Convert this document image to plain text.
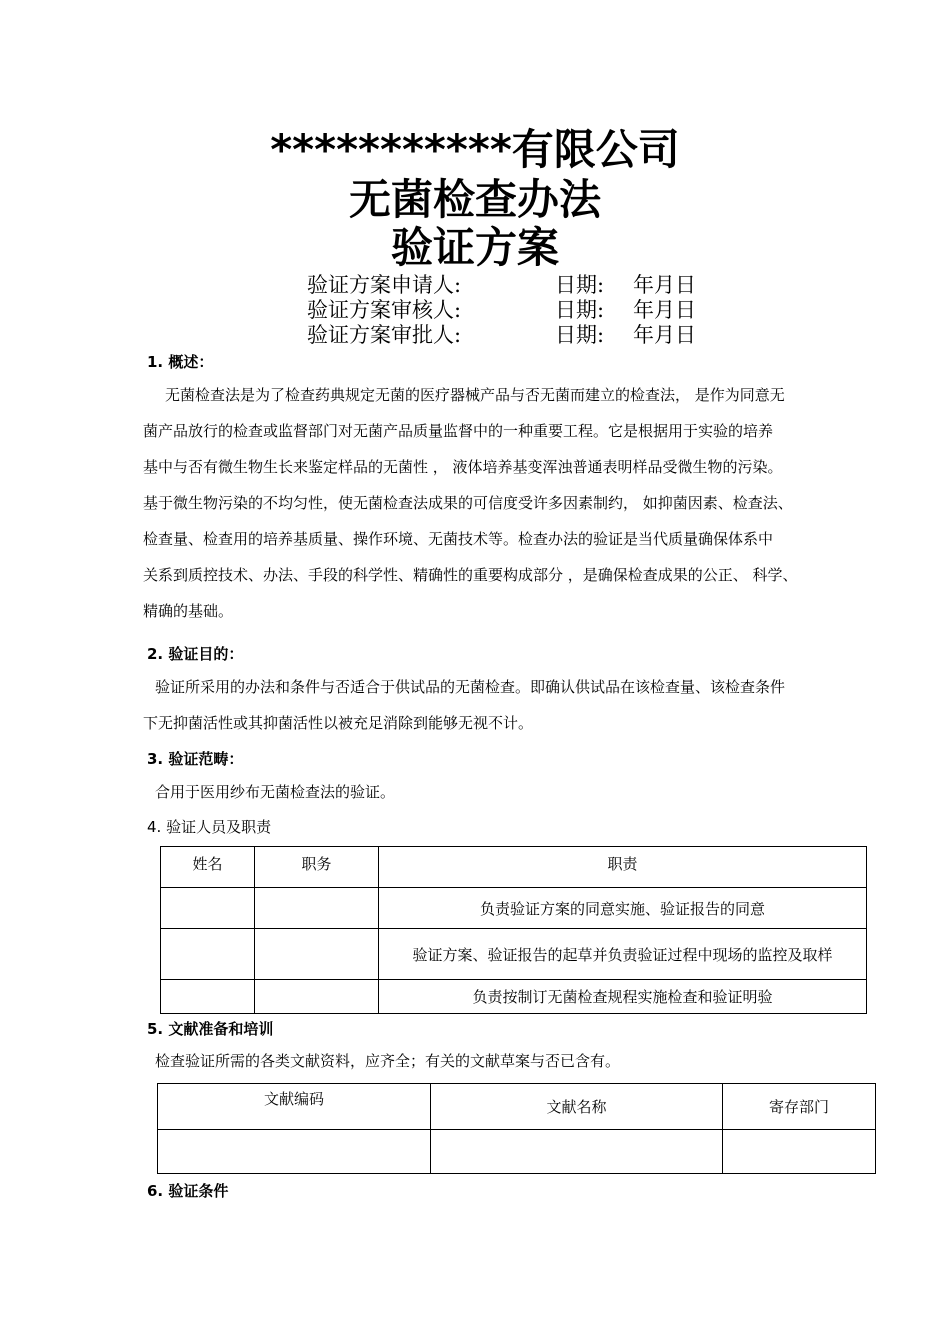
***********有限公司
无菌检查办法
验证方案
验证方案申请人:	日期: 年月日
验证方案审核人:	日期: 年月日
验证方案审批人:	日期: 年月日
1. 概述：
无菌检查法是为了检查药典规定无菌的医疗器械产品与否无菌而建立的检查法， 是作为同意无
菌产品放行的检查或监督部门对无菌产品质量监督中的一种重要工程。它是根据用于实验的培养
基中与否有微生物生长来鉴定样品的无菌性 ， 液体培养基变浑浊普通表明样品受微生物的污染。
基于微生物污染的不均匀性，使无菌检查法成果的可信度受许多因素制约， 如抑菌因素、检查法、
检查量、检查用的培养基质量、操作环境、无菌技术等。检查办法的验证是当代质量确保体系中
关系到质控技术、办法、手段的科学性、精确性的重要构成部分 ，是确保检查成果的公正、 科学、
精确的基础。
2. 验证目的：
验证所采用的办法和条件与否适合于供试品的无菌检查。即确认供试品在该检查量、该检查条件
下无抑菌活性或其抑菌活性以被充足消除到能够无视不计。
3. 验证范畴：
合用于医用纱布无菌检查法的验证。
4. 验证人员及职责
姓名	职务	职责
		负责验证方案的同意实施、验证报告的同意
		验证方案、验证报告的起草并负责验证过程中现场的监控及取样
		负责按制订无菌检查规程实施检查和验证明验
5. 文献准备和培训
检查验证所需的各类文献资料，应齐全；有关的文献草案与否已含有。
文献编码	文献名称	寄存部门

6. 验证条件
